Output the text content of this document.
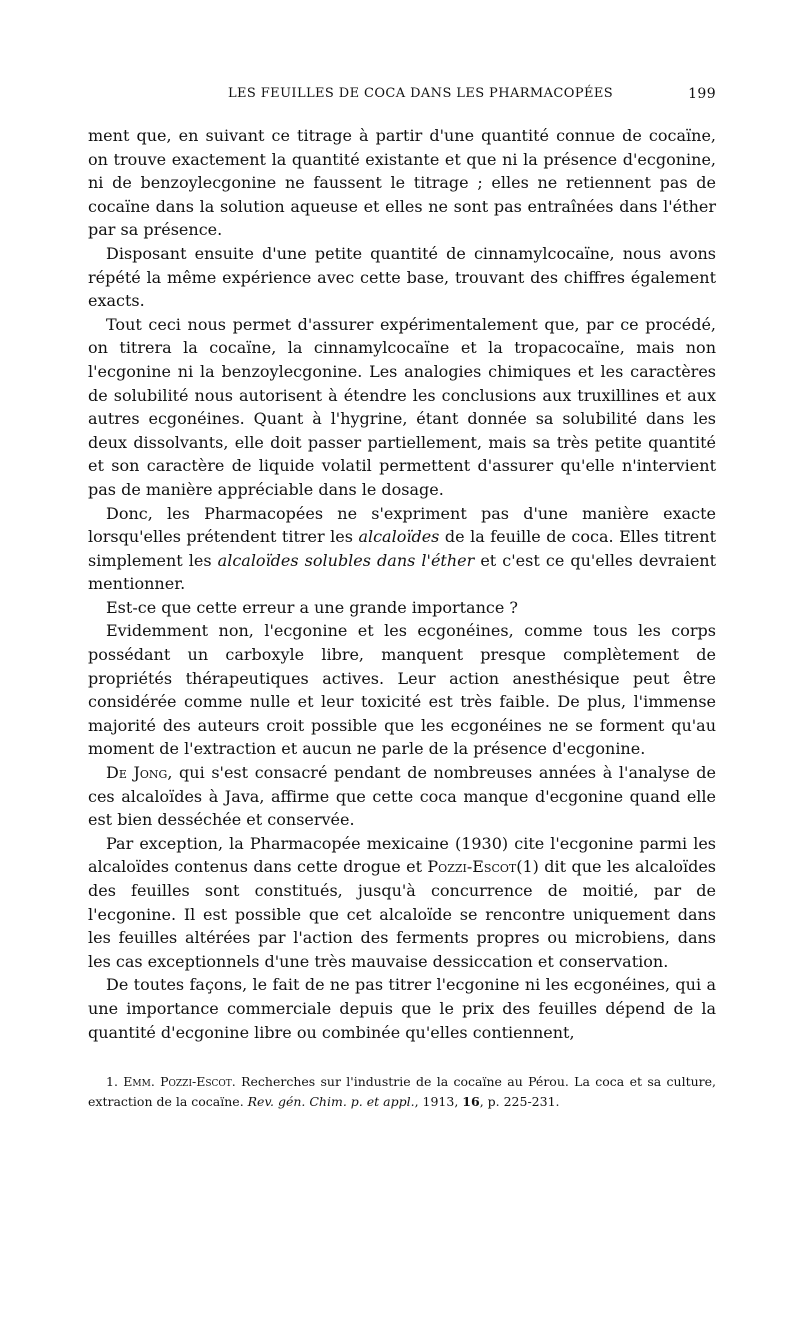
LES FEUILLES DE COCA DANS LES PHARMACOPÉES	199

ment que, en suivant ce titrage à partir d'une quantité connue de cocaïne, on trouve exactement la quantité existante et que ni la présence d'ecgonine, ni de benzoylecgonine ne faussent le titrage ; elles ne retiennent pas de cocaïne dans la solution aqueuse et elles ne sont pas entraînées dans l'éther par sa présence.

Disposant ensuite d'une petite quantité de cinnamylcocaïne, nous avons répété la même expérience avec cette base, trouvant des chiffres également exacts.

Tout ceci nous permet d'assurer expérimentalement que, par ce procédé, on titrera la cocaïne, la cinnamylcocaïne et la tropacocaïne, mais non l'ecgonine ni la benzoylecgonine. Les analogies chimiques et les caractères de solubilité nous autorisent à étendre les conclusions aux truxillines et aux autres ecgonéines. Quant à l'hygrine, étant donnée sa solubilité dans les deux dissolvants, elle doit passer partiellement, mais sa très petite quantité et son caractère de liquide volatil permettent d'assurer qu'elle n'intervient pas de manière appréciable dans le dosage.

Donc, les Pharmacopées ne s'expriment pas d'une manière exacte lorsqu'elles prétendent titrer les alcaloïdes de la feuille de coca. Elles titrent simplement les alcaloïdes solubles dans l'éther et c'est ce qu'elles devraient mentionner.

Est-ce que cette erreur a une grande importance ?

Evidemment non, l'ecgonine et les ecgonéines, comme tous les corps possédant un carboxyle libre, manquent presque complètement de propriétés thérapeutiques actives. Leur action anesthésique peut être considérée comme nulle et leur toxicité est très faible. De plus, l'immense majorité des auteurs croit possible que les ecgonéines ne se forment qu'au moment de l'extraction et aucun ne parle de la présence d'ecgonine.

De Jong, qui s'est consacré pendant de nombreuses années à l'analyse de ces alcaloïdes à Java, affirme que cette coca manque d'ecgonine quand elle est bien desséchée et conservée.

Par exception, la Pharmacopée mexicaine (1930) cite l'ecgonine parmi les alcaloïdes contenus dans cette drogue et Pozzi-Escot(1) dit que les alcaloïdes des feuilles sont constitués, jusqu'à concurrence de moitié, par de l'ecgonine. Il est possible que cet alcaloïde se rencontre uniquement dans les feuilles altérées par l'action des ferments propres ou microbiens, dans les cas exceptionnels d'une très mauvaise dessiccation et conservation.

De toutes façons, le fait de ne pas titrer l'ecgonine ni les ecgonéines, qui a une importance commerciale depuis que le prix des feuilles dépend de la quantité d'ecgonine libre ou combinée qu'elles contiennent,

1. Emm. Pozzi-Escot. Recherches sur l'industrie de la cocaïne au Pérou. La coca et sa culture, extraction de la cocaïne. Rev. gén. Chim. p. et appl., 1913, 16, p. 225-231.
